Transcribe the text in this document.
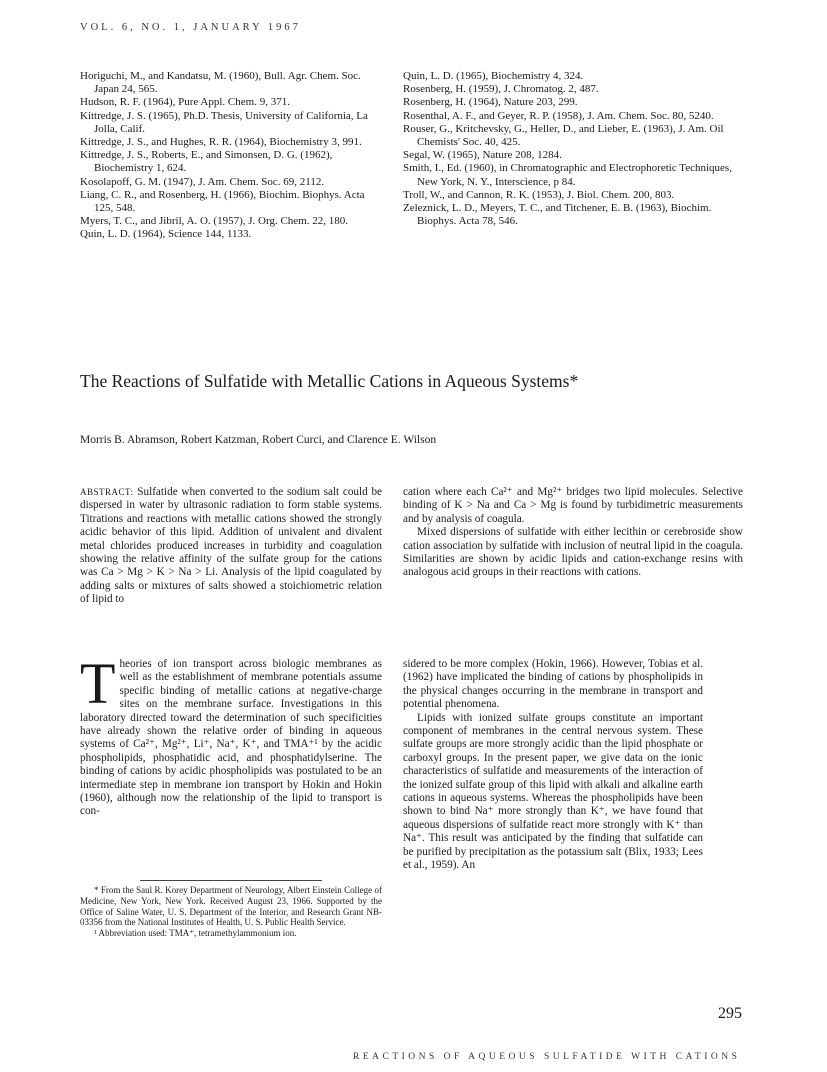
VOL. 6, NO. 1, JANUARY 1967

Horiguchi, M., and Kandatsu, M. (1960), Bull. Agr. Chem. Soc. Japan 24, 565.

Hudson, R. F. (1964), Pure Appl. Chem. 9, 371.

Kittredge, J. S. (1965), Ph.D. Thesis, University of California, La Jolla, Calif.

Kittredge, J. S., and Hughes, R. R. (1964), Biochemistry 3, 991.

Kittredge, J. S., Roberts, E., and Simonsen, D. G. (1962), Biochemistry 1, 624.

Kosolapoff, G. M. (1947), J. Am. Chem. Soc. 69, 2112.

Liang, C. R., and Rosenberg, H. (1966), Biochim. Biophys. Acta 125, 548.

Myers, T. C., and Jibril, A. O. (1957), J. Org. Chem. 22, 180.

Quin, L. D. (1964), Science 144, 1133.

Quin, L. D. (1965), Biochemistry 4, 324.

Rosenberg, H. (1959), J. Chromatog. 2, 487.

Rosenberg, H. (1964), Nature 203, 299.

Rosenthal, A. F., and Geyer, R. P. (1958), J. Am. Chem. Soc. 80, 5240.

Rouser, G., Kritchevsky, G., Heller, D., and Lieber, E. (1963), J. Am. Oil Chemists' Soc. 40, 425.

Segal, W. (1965), Nature 208, 1284.

Smith, I., Ed. (1960), in Chromatographic and Electrophoretic Techniques, New York, N. Y., Interscience, p 84.

Troll, W., and Cannon, R. K. (1953), J. Biol. Chem. 200, 803.

Zeleznick, L. D., Meyers, T. C., and Titchener, E. B. (1963), Biochim. Biophys. Acta 78, 546.

The Reactions of Sulfatide with Metallic Cations in Aqueous Systems*
Morris B. Abramson, Robert Katzman, Robert Curci, and Clarence E. Wilson

ABSTRACT: Sulfatide when converted to the sodium salt could be dispersed in water by ultrasonic radiation to form stable systems. Titrations and reactions with metallic cations showed the strongly acidic behavior of this lipid. Addition of univalent and divalent metal chlorides produced increases in turbidity and coagulation showing the relative affinity of the sulfate group for the cations was Ca > Mg > K > Na > Li. Analysis of the lipid coagulated by adding salts or mixtures of salts showed a stoichiometric relation of lipid to

cation where each Ca²⁺ and Mg²⁺ bridges two lipid molecules. Selective binding of K > Na and Ca > Mg is found by turbidimetric measurements and by analysis of coagula.

Mixed dispersions of sulfatide with either lecithin or cerebroside show cation association by sulfatide with inclusion of neutral lipid in the coagula. Similarities are shown by acidic lipids and cation-exchange resins with analogous acid groups in their reactions with cations.

T heories of ion transport across biologic membranes as well as the establishment of membrane potentials assume specific binding of metallic cations at negative-charge sites on the membrane surface. Investigations in this laboratory directed toward the determination of such specificities have already shown the relative order of binding in aqueous systems of Ca²⁺, Mg²⁺, Li⁺, Na⁺, K⁺, and TMA⁺¹ by the acidic phospholipids, phosphatidic acid, and phosphatidylserine. The binding of cations by acidic phospholipids was postulated to be an intermediate step in membrane ion transport by Hokin and Hokin (1960), although now the relationship of the lipid to transport is con-

sidered to be more complex (Hokin, 1966). However, Tobias et al. (1962) have implicated the binding of cations by phospholipids in the physical changes occurring in the membrane in transport and potential phenomena.

Lipids with ionized sulfate groups constitute an important component of membranes in the central nervous system. These sulfate groups are more strongly acidic than the lipid phosphate or carboxyl groups. In the present paper, we give data on the ionic characteristics of sulfatide and measurements of the interaction of the ionized sulfate group of this lipid with alkali and alkaline earth cations in aqueous systems. Whereas the phospholipids have been shown to bind Na⁺ more strongly than K⁺, we have found that aqueous dispersions of sulfatide react more strongly with K⁺ than Na⁺. This result was anticipated by the finding that sulfatide can be purified by precipitation as the potassium salt (Blix, 1933; Lees et al., 1959). An

* From the Saul R. Korey Department of Neurology, Albert Einstein College of Medicine, New York, New York. Received August 23, 1966. Supported by the Office of Saline Water, U. S. Department of the Interior, and Research Grant NB-03356 from the National Institutes of Health, U. S. Public Health Service.

¹ Abbreviation used: TMA⁺, tetramethylammonium ion.

295
REACTIONS OF AQUEOUS SULFATIDE WITH CATIONS
